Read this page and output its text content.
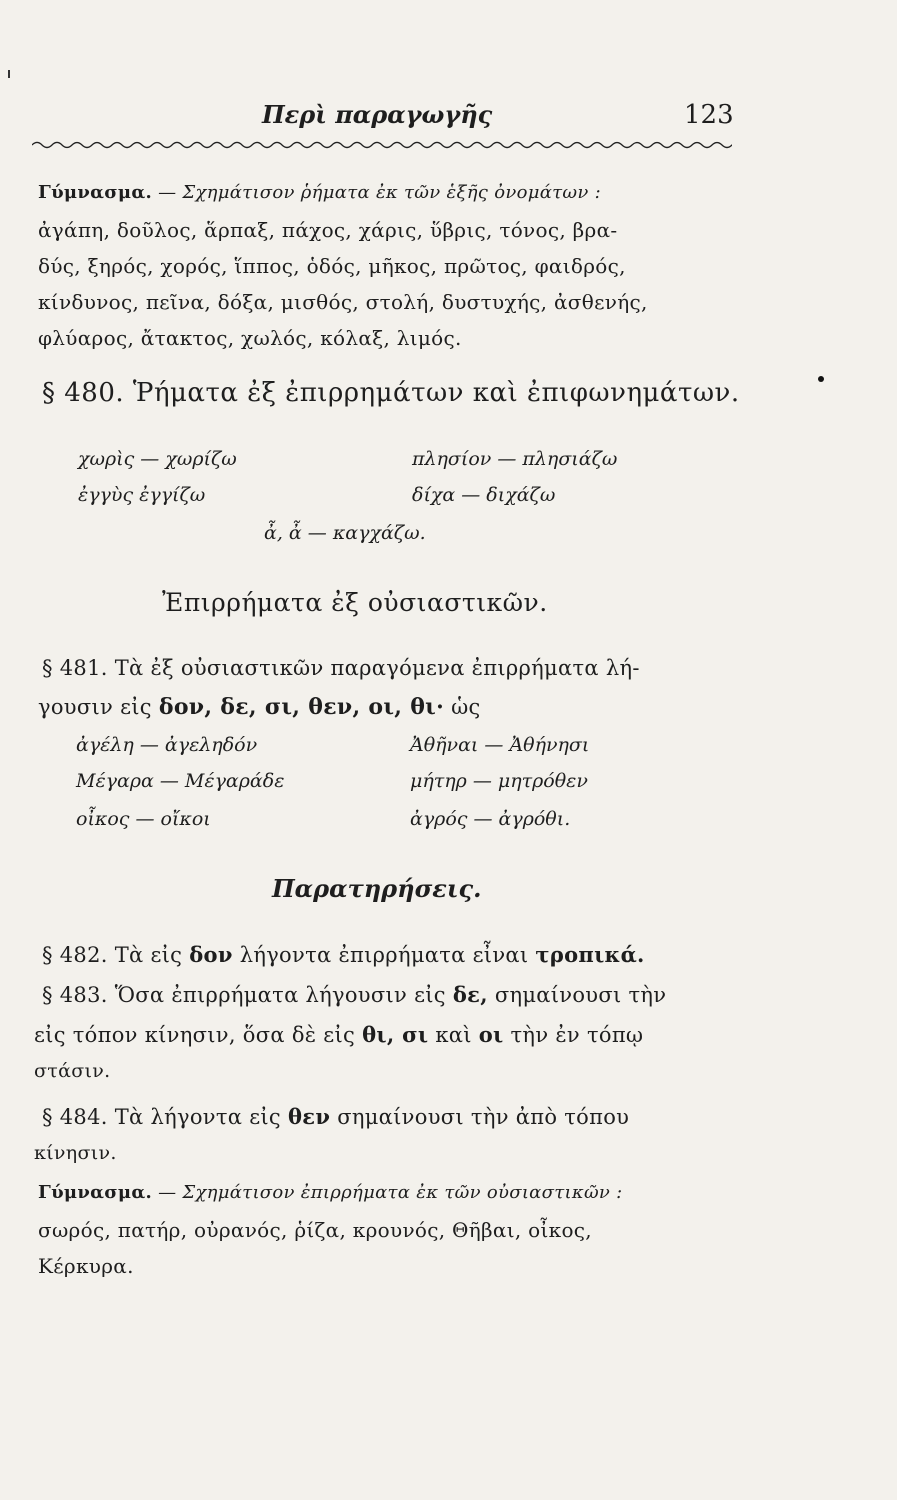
Περὶ παραγωγῆς	123
Γύμνασμα. — Σχημάτισον ῥήματα ἐκ τῶν ἑξῆς ὀνομάτων :
ἀγάπη, δοῦλος, ἅρπαξ, πάχος, χάρις, ὕβρις, τόνος, βρα-
δύς, ξηρός, χορός, ἵππος, ὁδός, μῆκος, πρῶτος, φαιδρός,
κίνδυνος, πεῖνα, δόξα, μισθός, στολή, δυστυχής, ἀσθενής,
φλύαρος, ἄτακτος, χωλός, κόλαξ, λιμός.
§ 480. Ῥήματα ἐξ ἐπιρρημάτων καὶ ἐπιφωνημάτων.
χωρὶς — χωρίζω
ἐγγὺς ἐγγίζω
πλησίον — πλησιάζω
δίχα — διχάζω
ἆ, ἆ — καγχάζω.
Ἐπιρρήματα ἐξ οὐσιαστικῶν.
§ 481. Τὰ ἐξ οὐσιαστικῶν παραγόμενα ἐπιρρήματα λή-
γουσιν εἰς δον, δε, σι, θεν, οι, θι· ὡς
ἀγέλη — ἀγεληδόν
Μέγαρα — Μέγαράδε
οἶκος — οἴκοι
Ἀθῆναι — Ἀθήνησι
μήτηρ — μητρόθεν
ἀγρός — ἀγρόθι.
Παρατηρήσεις.
§ 482. Τὰ εἰς δον λήγοντα ἐπιρρήματα εἶναι τροπικά.
§ 483. Ὅσα ἐπιρρήματα λήγουσιν εἰς δε, σημαίνουσι τὴν
εἰς τόπον κίνησιν, ὅσα δὲ εἰς θι, σι καὶ οι τὴν ἐν τόπῳ
στάσιν.
§ 484. Τὰ λήγοντα εἰς θεν σημαίνουσι τὴν ἀπὸ τόπου
κίνησιν.
Γύμνασμα. — Σχημάτισον ἐπιρρήματα ἐκ τῶν οὐσιαστικῶν :
σωρός, πατήρ, οὐρανός, ῥίζα, κρουνός, Θῆβαι, οἶκος,
Κέρκυρα.
